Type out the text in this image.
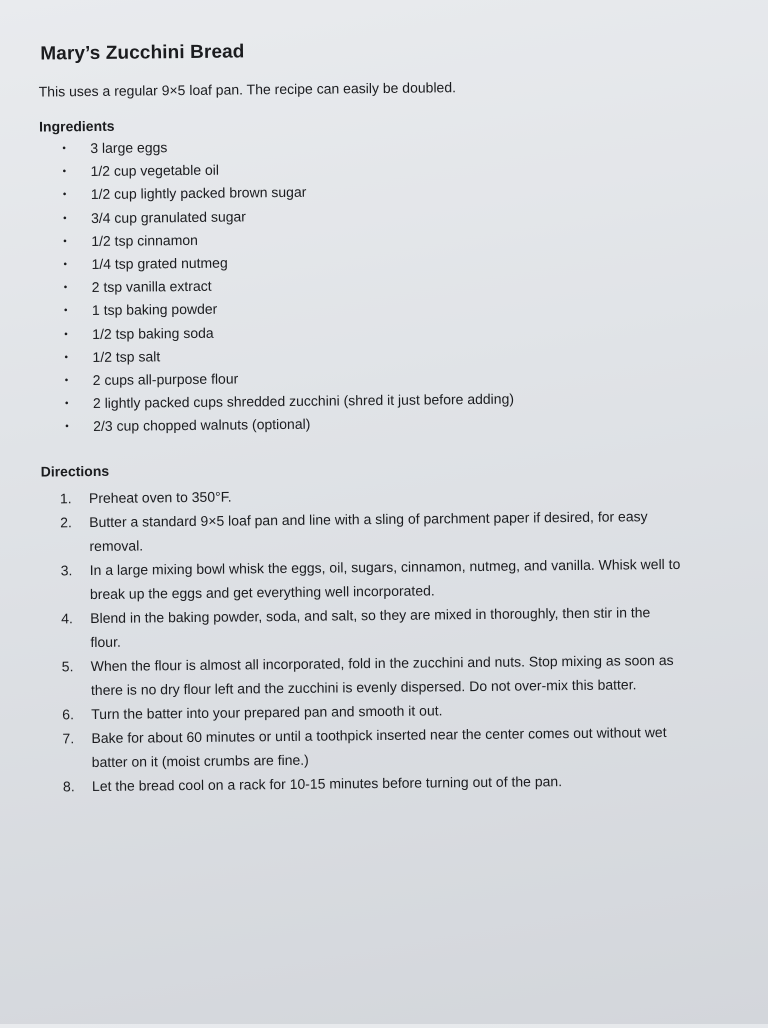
Mary’s Zucchini Bread
This uses a regular 9×5 loaf pan. The recipe can easily be doubled.
Ingredients
•	3 large eggs
•	1/2 cup vegetable oil
•	1/2 cup lightly packed brown sugar
•	3/4 cup granulated sugar
•	1/2 tsp cinnamon
•	1/4 tsp grated nutmeg
•	2 tsp vanilla extract
•	1 tsp baking powder
•	1/2 tsp baking soda
•	1/2 tsp salt
•	2 cups all-purpose flour
•	2 lightly packed cups shredded zucchini (shred it just before adding)
•	2/3 cup chopped walnuts (optional)
Directions
1.	Preheat oven to 350°F.
2.	Butter a standard 9×5 loaf pan and line with a sling of parchment paper if desired, for easy removal.
3.	In a large mixing bowl whisk the eggs, oil, sugars, cinnamon, nutmeg, and vanilla. Whisk well to break up the eggs and get everything well incorporated.
4.	Blend in the baking powder, soda, and salt, so they are mixed in thoroughly, then stir in the flour.
5.	When the flour is almost all incorporated, fold in the zucchini and nuts. Stop mixing as soon as there is no dry flour left and the zucchini is evenly dispersed. Do not over-mix this batter.
6.	Turn the batter into your prepared pan and smooth it out.
7.	Bake for about 60 minutes or until a toothpick inserted near the center comes out without wet batter on it (moist crumbs are fine.)
8.	Let the bread cool on a rack for 10-15 minutes before turning out of the pan.
